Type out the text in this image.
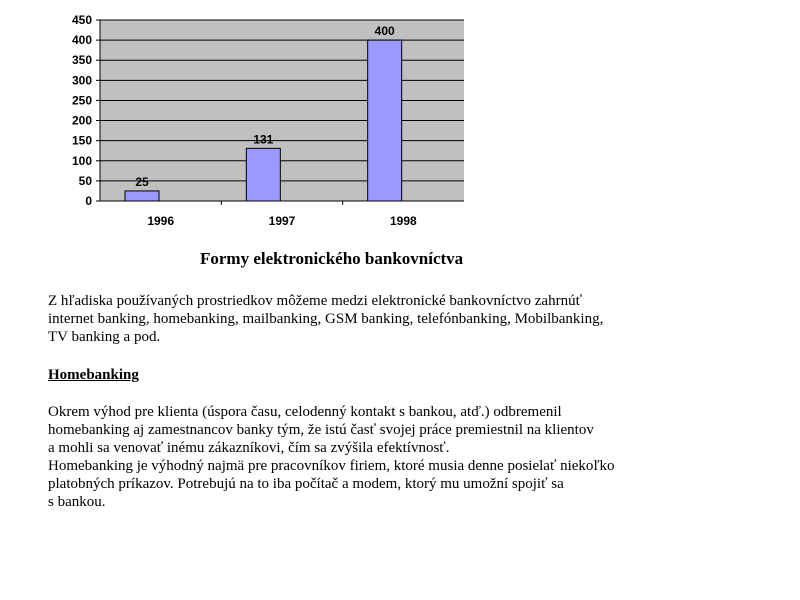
25
131
400
0
50
100
150
200
250
300
350
400
450
1996	1997	1998
Formy elektronického bankovníctva

Z hľadiska používaných prostriedkov môžeme medzi elektronické bankovníctvo zahrnúť
internet banking, homebanking, mailbanking, GSM banking, telefónbanking, Mobilbanking,
TV banking a pod.

Homebanking

Okrem výhod pre klienta (úspora času, celodenný kontakt s bankou, atď.) odbremenil
homebanking aj zamestnancov banky tým, že istú časť svojej práce premiestnil na klientov
a mohli sa venovať inému zákazníkovi, čím sa zvýšila efektívnosť.
Homebanking je výhodný najmä pre pracovníkov firiem, ktoré musia denne posielať niekoľko
platobných príkazov. Potrebujú na to iba počítač a modem, ktorý mu umožní spojiť sa
s bankou.
